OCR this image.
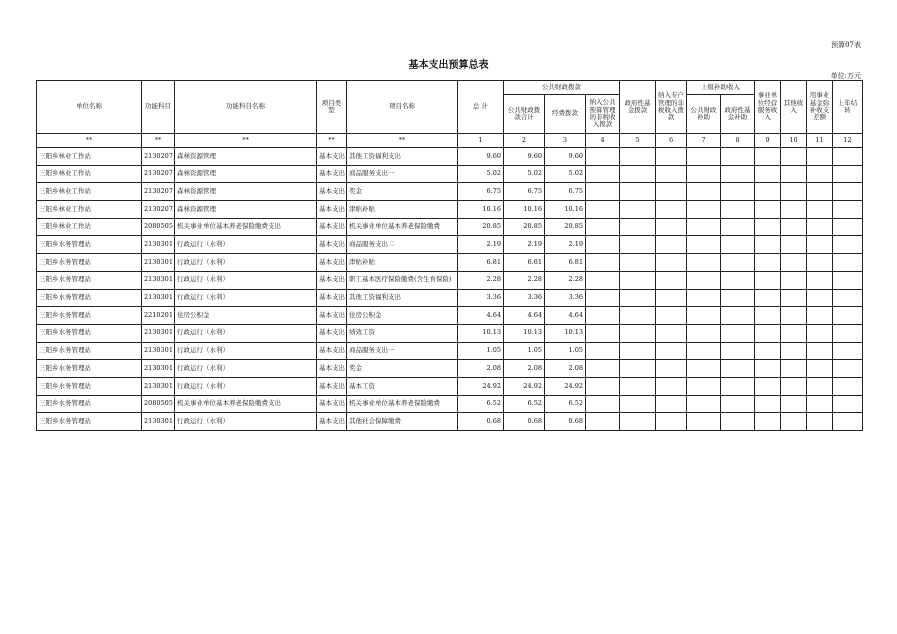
预算07表
基本支出预算总表
单位:万元
单位名称	功能科目	功能科目名称	项目类型	项目名称	总 计	公共财政拨款			政府性基金拨款	纳入专户管理的非税收入拨款	上级补助收入		事业单位经营服务收入	其他收入	用事业基金弥补收支差额	上年结转
						公共财政拨款合计	经费拨款	纳入公共预算管理的非税收入拨款			公共财政补助	政府性基金补助				
**	**	**	**	**	1	2	3	4	5	6	7	8	9	10	11	12
三阳乡林业工作站	2130207	森林资源管理	基本支出	其他工资福利支出	9.60	9.60	9.60									
三阳乡林业工作站	2130207	森林资源管理	基本支出	商品服务支出一	5.02	5.02	5.02									
三阳乡林业工作站	2130207	森林资源管理	基本支出	奖金	6.75	6.75	6.75									
三阳乡林业工作站	2130207	森林资源管理	基本支出	津贴补贴	10.16	10.16	10.16									
三阳乡林业工作站	2080505	机关事业单位基本养老保险缴费支出	基本支出	机关事业单位基本养老保险缴费	20.85	20.85	20.85									
三阳乡水务管理站	2130301	行政运行（水利）	基本支出	商品服务支出二	2.19	2.19	2.19									
三阳乡水务管理站	2130301	行政运行（水利）	基本支出	津贴补贴	6.81	6.81	6.81									
三阳乡水务管理站	2130301	行政运行（水利）	基本支出	职工基本医疗保险缴费(含生育保险)	2.28	2.28	2.28									
三阳乡水务管理站	2130301	行政运行（水利）	基本支出	其他工资福利支出	3.36	3.36	3.36									
三阳乡水务管理站	2210201	住房公积金	基本支出	住房公积金	4.64	4.64	4.64									
三阳乡水务管理站	2130301	行政运行（水利）	基本支出	绩效工资	10.13	10.13	10.13									
三阳乡水务管理站	2130301	行政运行（水利）	基本支出	商品服务支出一	1.05	1.05	1.05									
三阳乡水务管理站	2130301	行政运行（水利）	基本支出	奖金	2.08	2.08	2.08									
三阳乡水务管理站	2130301	行政运行（水利）	基本支出	基本工资	24.92	24.92	24.92									
三阳乡水务管理站	2080505	机关事业单位基本养老保险缴费支出	基本支出	机关事业单位基本养老保险缴费	6.52	6.52	6.52									
三阳乡水务管理站	2130301	行政运行（水利）	基本支出	其他社会保障缴费	0.68	0.68	0.68									
